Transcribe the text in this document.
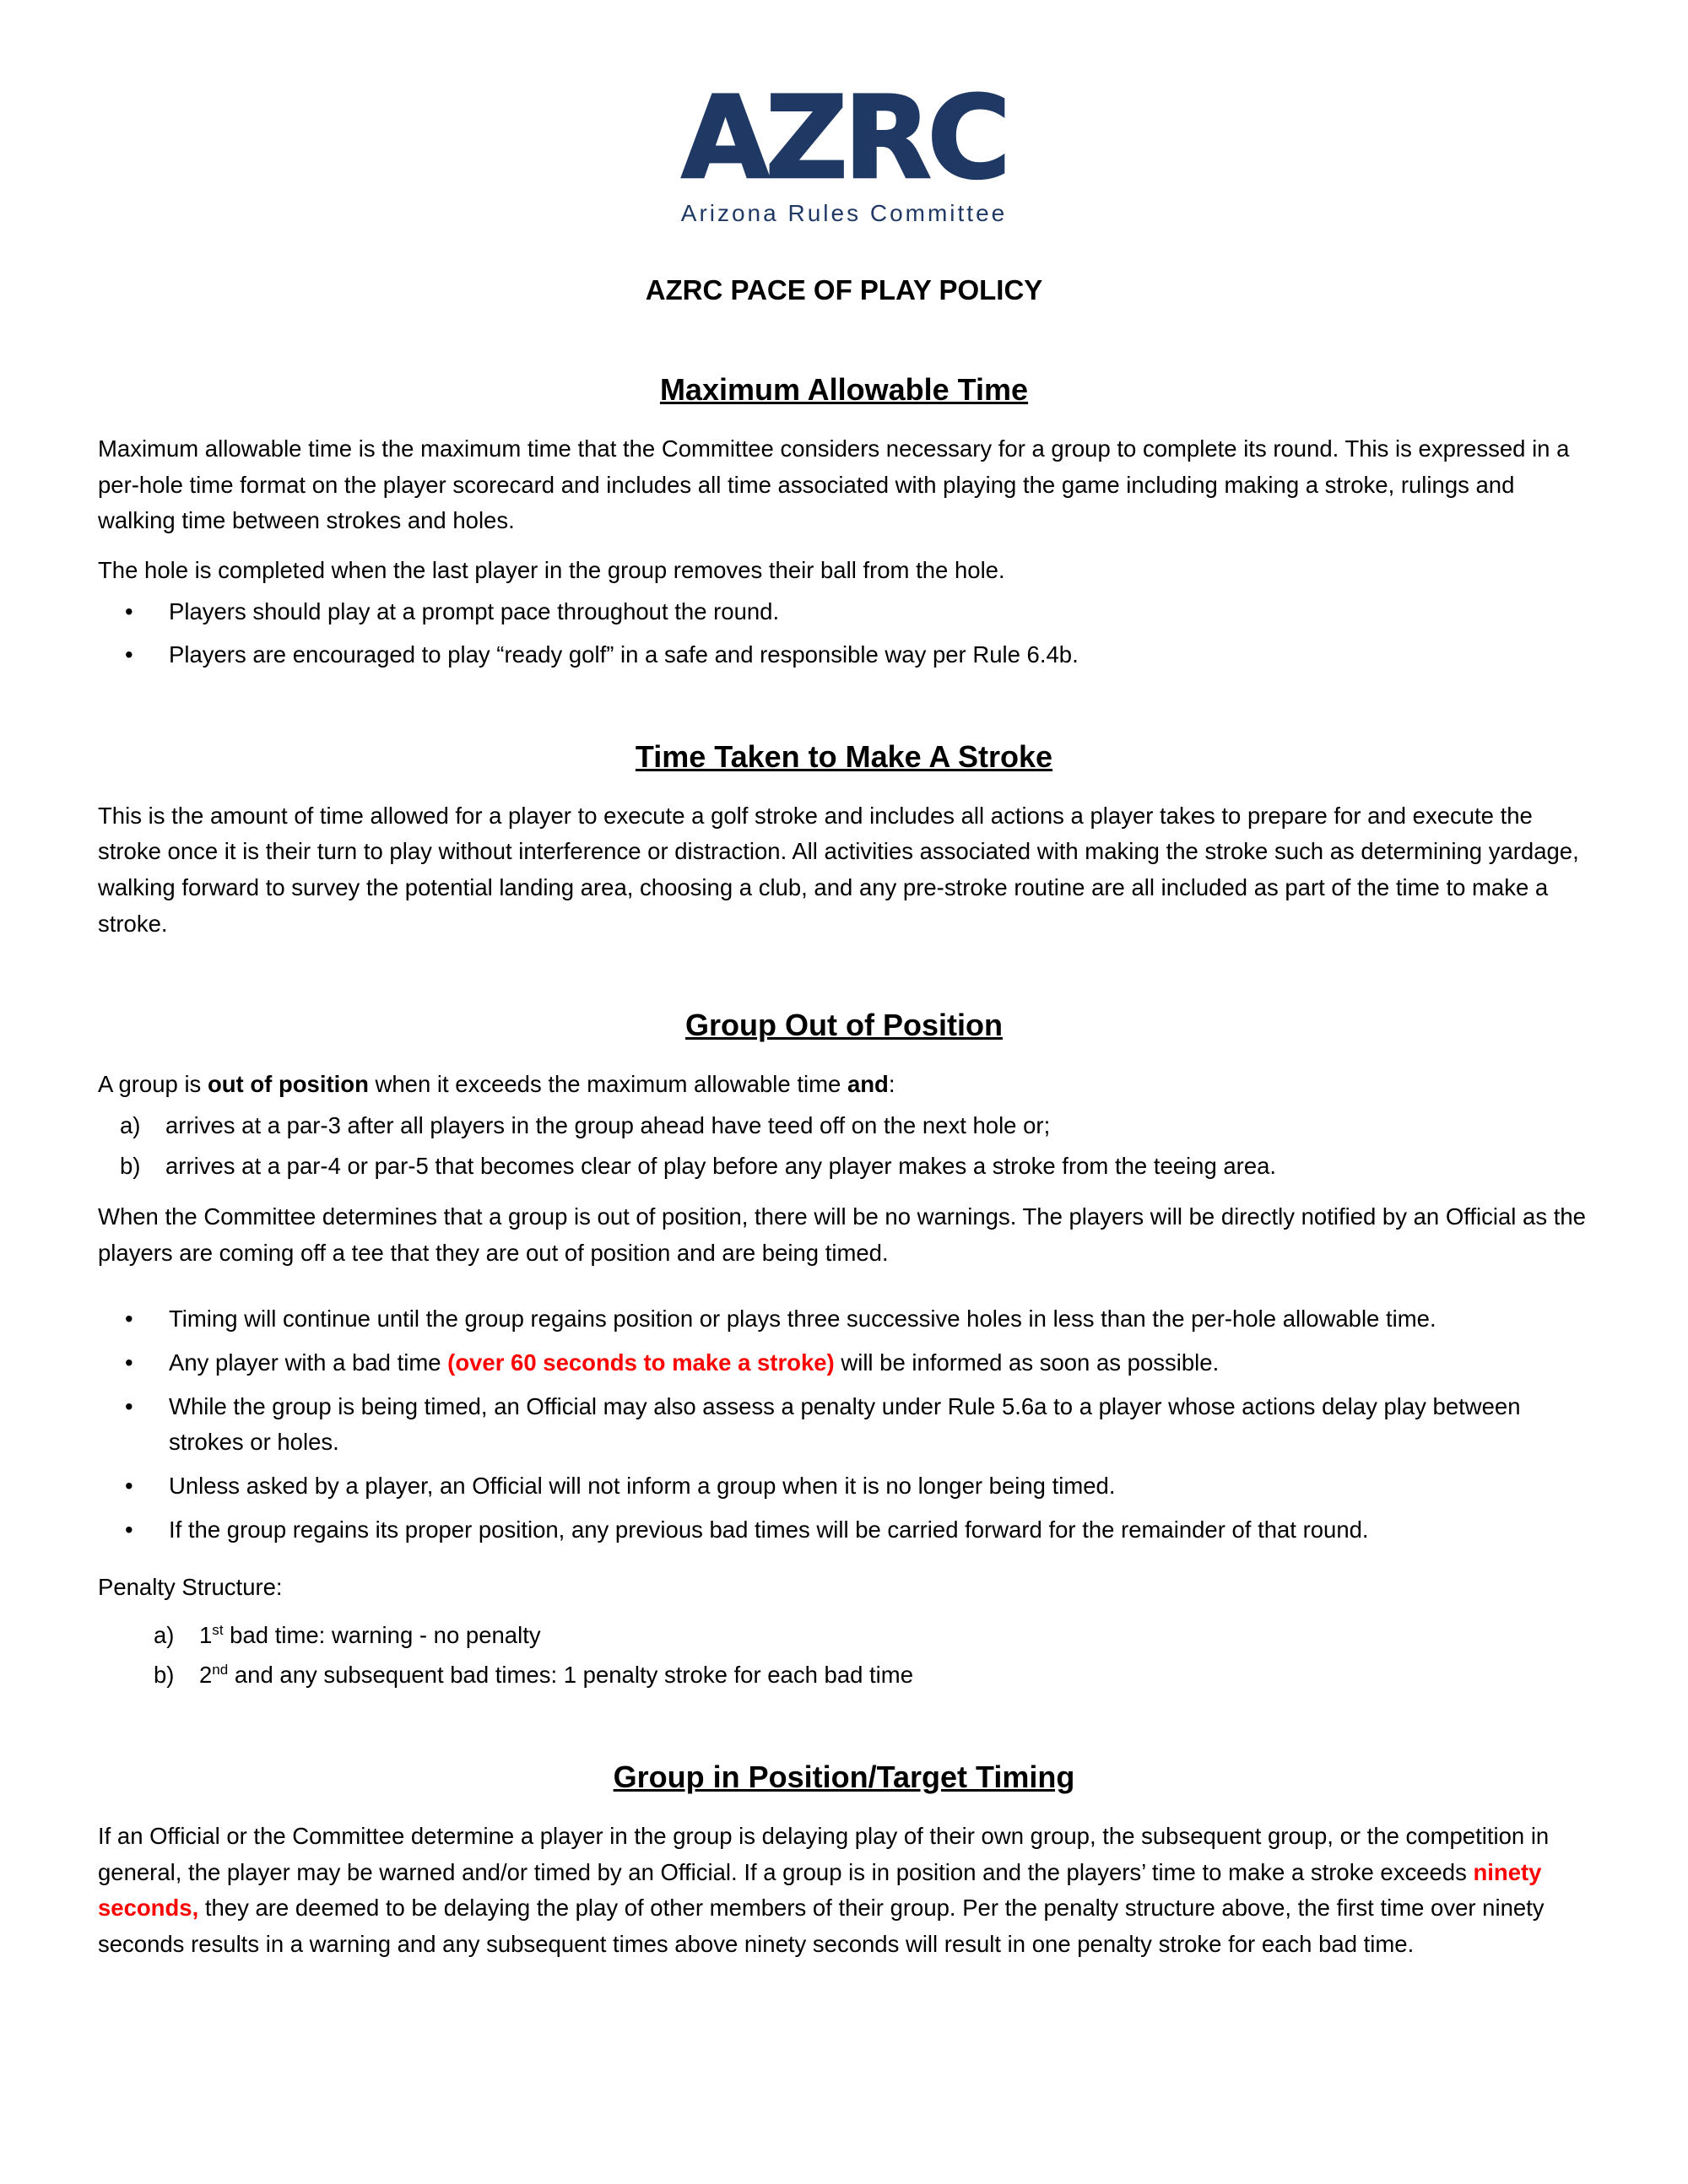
AZRC
Arizona Rules Committee
AZRC PACE OF PLAY POLICY
Maximum Allowable Time

Maximum allowable time is the maximum time that the Committee considers necessary for a group to complete its round. This is expressed in a per-hole time format on the player scorecard and includes all time associated with playing the game including making a stroke, rulings and walking time between strokes and holes.

The hole is completed when the last player in the group removes their ball from the hole.

•
Players should play at a prompt pace throughout the round.
•
Players are encouraged to play “ready golf” in a safe and responsible way per Rule 6.4b.
Time Taken to Make A Stroke

This is the amount of time allowed for a player to execute a golf stroke and includes all actions a player takes to prepare for and execute the stroke once it is their turn to play without interference or distraction. All activities associated with making the stroke such as determining yardage, walking forward to survey the potential landing area, choosing a club, and any pre-stroke routine are all included as part of the time to make a stroke.

Group Out of Position

A group is out of position when it exceeds the maximum allowable time and:

a)	arrives at a par-3 after all players in the group ahead have teed off on the next hole or;
b)	arrives at a par-4 or par-5 that becomes clear of play before any player makes a stroke from the teeing area.

When the Committee determines that a group is out of position, there will be no warnings. The players will be directly notified by an Official as the players are coming off a tee that they are out of position and are being timed.

•
Timing will continue until the group regains position or plays three successive holes in less than the per-hole allowable time.
•
Any player with a bad time (over 60 seconds to make a stroke) will be informed as soon as possible.
•
While the group is being timed, an Official may also assess a penalty under Rule 5.6a to a player whose actions delay play between strokes or holes.
•
Unless asked by a player, an Official will not inform a group when it is no longer being timed.
•
If the group regains its proper position, any previous bad times will be carried forward for the remainder of that round.

Penalty Structure:

a)	1st bad time: warning - no penalty
b)	2nd and any subsequent bad times: 1 penalty stroke for each bad time
Group in Position/Target Timing

If an Official or the Committee determine a player in the group is delaying play of their own group, the subsequent group, or the competition in general, the player may be warned and/or timed by an Official. If a group is in position and the players’ time to make a stroke exceeds ninety seconds, they are deemed to be delaying the play of other members of their group. Per the penalty structure above, the first time over ninety seconds results in a warning and any subsequent times above ninety seconds will result in one penalty stroke for each bad time.
